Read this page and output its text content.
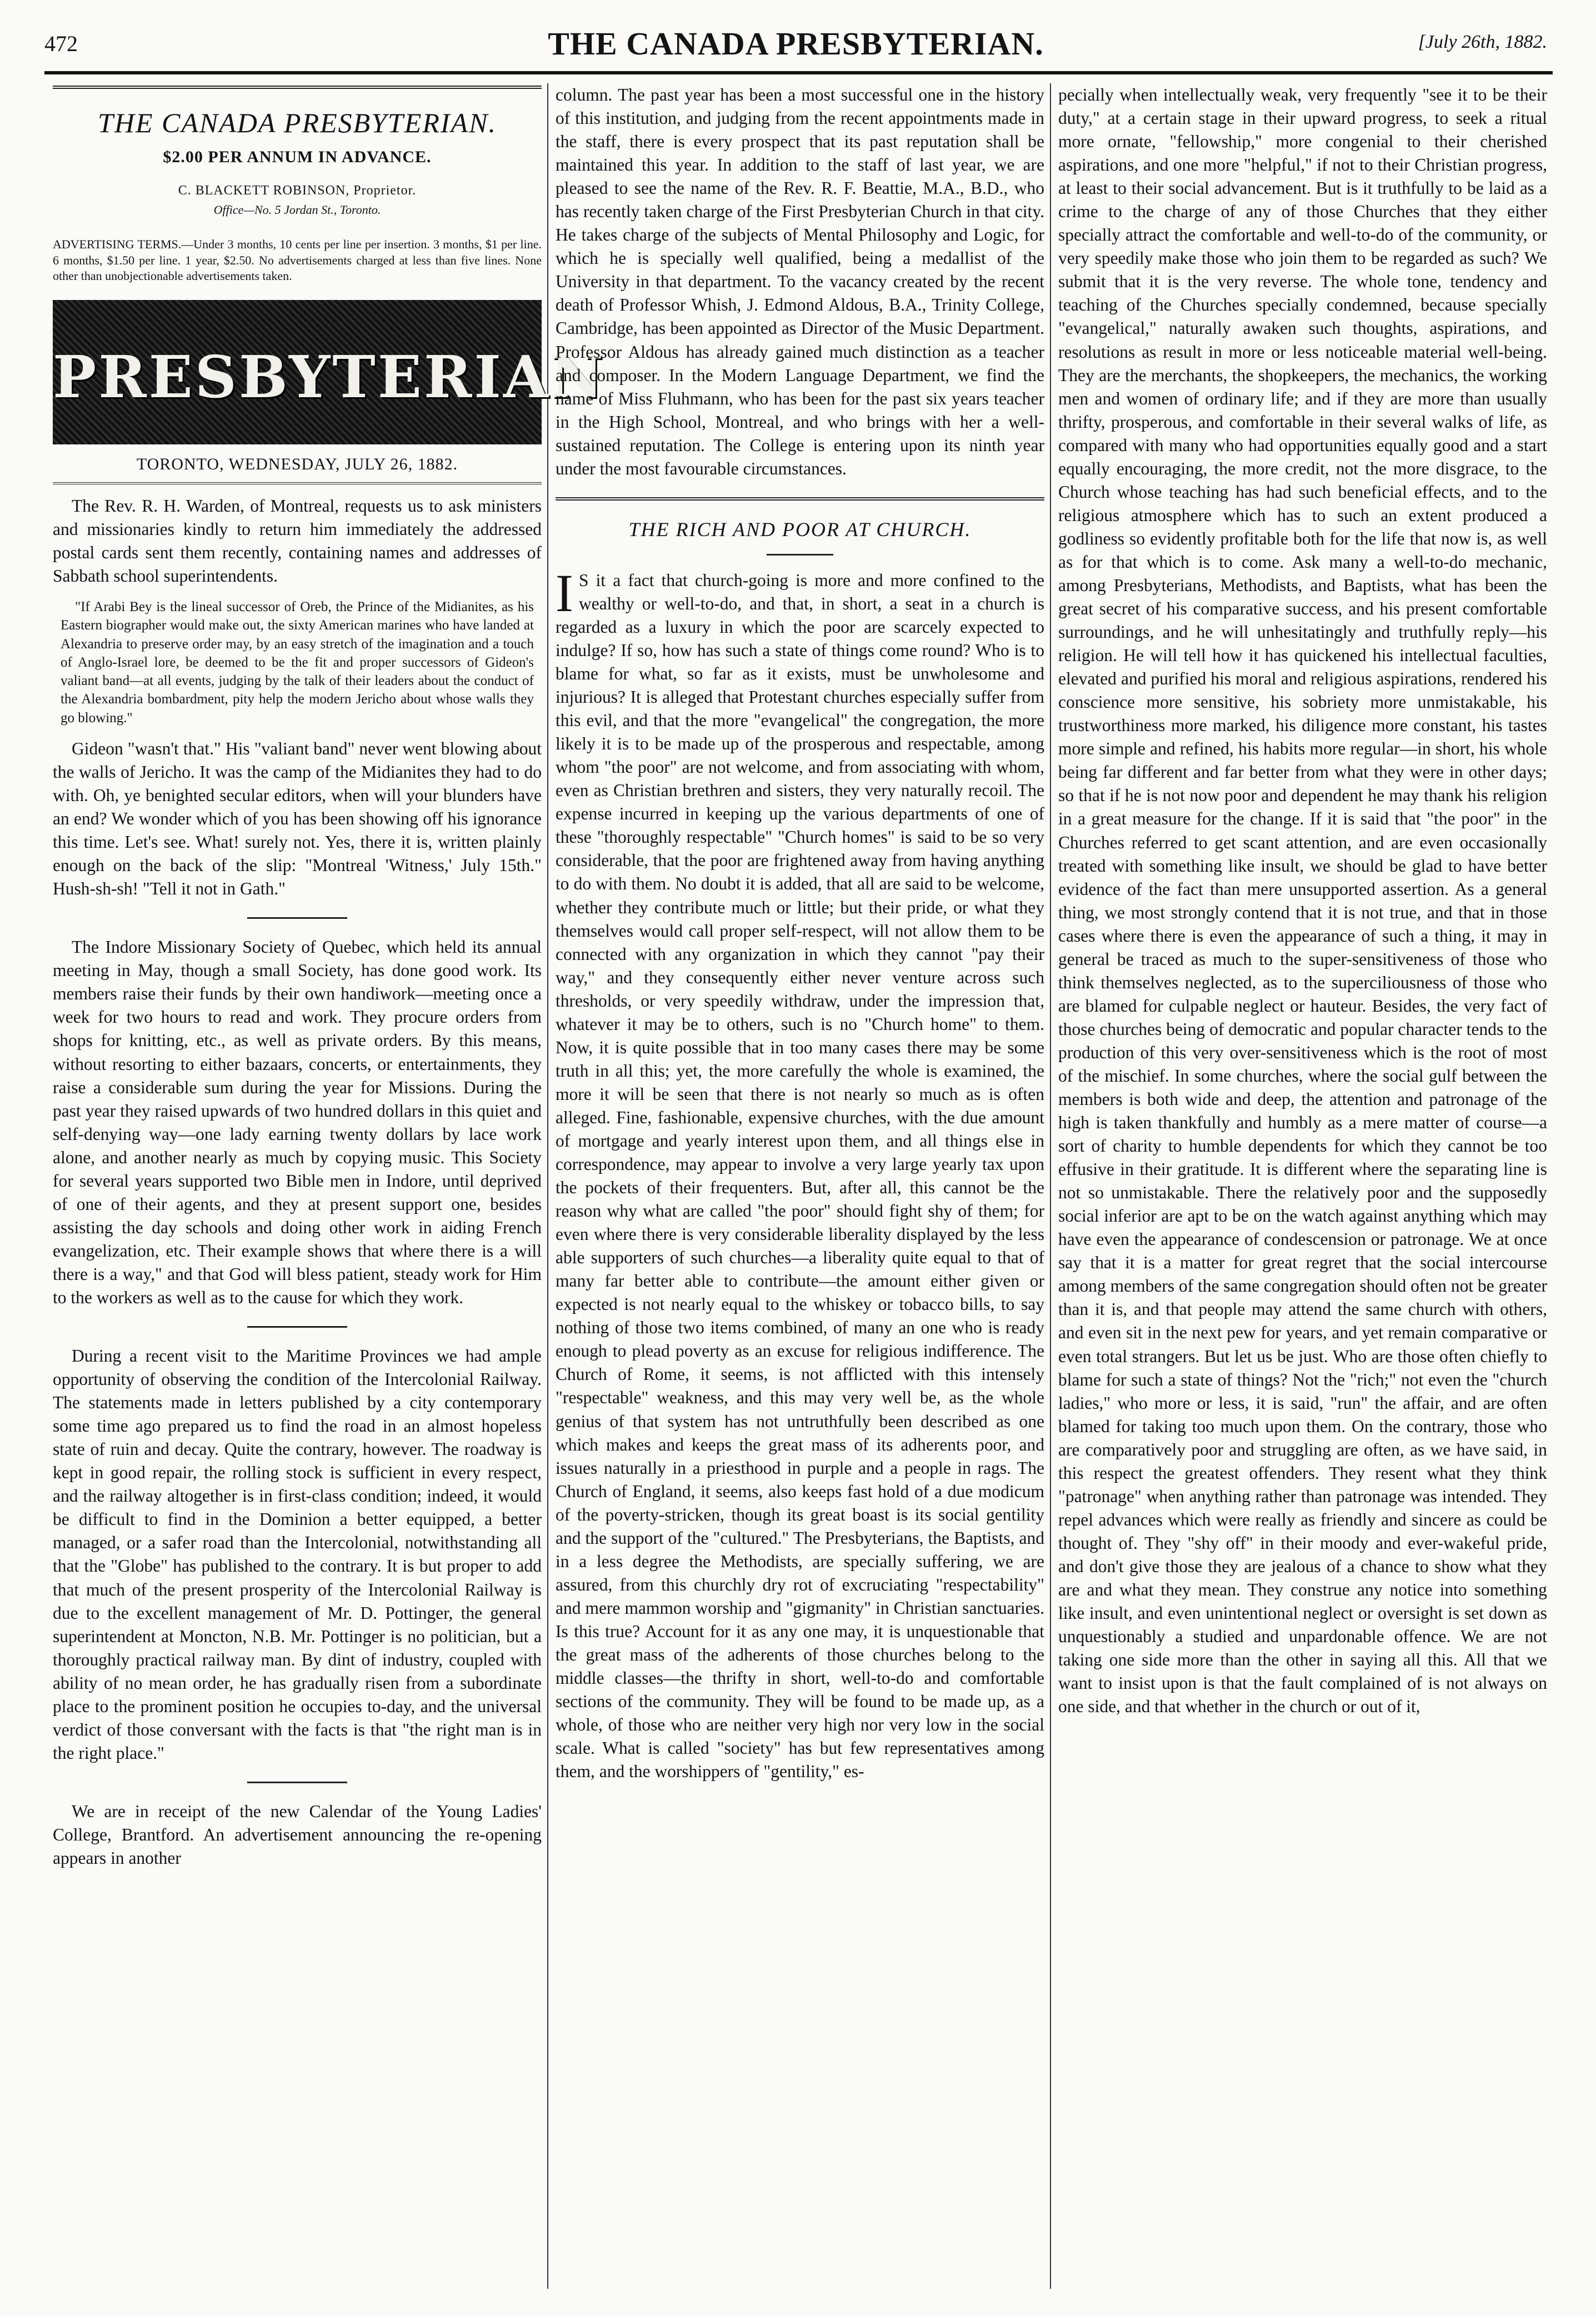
472	THE CANADA PRESBYTERIAN.	[July 26th, 1882.
THE CANADA PRESBYTERIAN.
$2.00 PER ANNUM IN ADVANCE.
C. BLACKETT ROBINSON, Proprietor.
Office—No. 5 Jordan St., Toronto.
ADVERTISING TERMS.—Under 3 months, 10 cents per line per insertion. 3 months, $1 per line. 6 months, $1.50 per line. 1 year, $2.50. No advertisements charged at less than five lines. None other than unobjectionable advertisements taken.
PRESBYTERIAN
TORONTO, WEDNESDAY, JULY 26, 1882.

The Rev. R. H. Warden, of Montreal, requests us to ask ministers and missionaries kindly to return him immediately the addressed postal cards sent them recently, containing names and addresses of Sabbath school superintendents.

"If Arabi Bey is the lineal successor of Oreb, the Prince of the Midianites, as his Eastern biographer would make out, the sixty American marines who have landed at Alexandria to preserve order may, by an easy stretch of the imagination and a touch of Anglo-Israel lore, be deemed to be the fit and proper successors of Gideon's valiant band—at all events, judging by the talk of their leaders about the conduct of the Alexandria bombardment, pity help the modern Jericho about whose walls they go blowing."

Gideon "wasn't that." His "valiant band" never went blowing about the walls of Jericho. It was the camp of the Midianites they had to do with. Oh, ye benighted secular editors, when will your blunders have an end? We wonder which of you has been showing off his ignorance this time. Let's see. What! surely not. Yes, there it is, written plainly enough on the back of the slip: "Montreal 'Witness,' July 15th." Hush-sh-sh! "Tell it not in Gath."

The Indore Missionary Society of Quebec, which held its annual meeting in May, though a small Society, has done good work. Its members raise their funds by their own handiwork—meeting once a week for two hours to read and work. They procure orders from shops for knitting, etc., as well as private orders. By this means, without resorting to either bazaars, concerts, or entertainments, they raise a considerable sum during the year for Missions. During the past year they raised upwards of two hundred dollars in this quiet and self-denying way—one lady earning twenty dollars by lace work alone, and another nearly as much by copying music. This Society for several years supported two Bible men in Indore, until deprived of one of their agents, and they at present support one, besides assisting the day schools and doing other work in aiding French evangelization, etc. Their example shows that where there is a will there is a way," and that God will bless patient, steady work for Him to the workers as well as to the cause for which they work.

During a recent visit to the Maritime Provinces we had ample opportunity of observing the condition of the Intercolonial Railway. The statements made in letters published by a city contemporary some time ago prepared us to find the road in an almost hopeless state of ruin and decay. Quite the contrary, however. The roadway is kept in good repair, the rolling stock is sufficient in every respect, and the railway altogether is in first-class condition; indeed, it would be difficult to find in the Dominion a better equipped, a better managed, or a safer road than the Intercolonial, notwithstanding all that the "Globe" has published to the contrary. It is but proper to add that much of the present prosperity of the Intercolonial Railway is due to the excellent management of Mr. D. Pottinger, the general superintendent at Moncton, N.B. Mr. Pottinger is no politician, but a thoroughly practical railway man. By dint of industry, coupled with ability of no mean order, he has gradually risen from a subordinate place to the prominent position he occupies to-day, and the universal verdict of those conversant with the facts is that "the right man is in the right place."

We are in receipt of the new Calendar of the Young Ladies' College, Brantford. An advertisement announcing the re-opening appears in another

column. The past year has been a most successful one in the history of this institution, and judging from the recent appointments made in the staff, there is every prospect that its past reputation shall be maintained this year. In addition to the staff of last year, we are pleased to see the name of the Rev. R. F. Beattie, M.A., B.D., who has recently taken charge of the First Presbyterian Church in that city. He takes charge of the subjects of Mental Philosophy and Logic, for which he is specially well qualified, being a medallist of the University in that department. To the vacancy created by the recent death of Professor Whish, J. Edmond Aldous, B.A., Trinity College, Cambridge, has been appointed as Director of the Music Department. Professor Aldous has already gained much distinction as a teacher and composer. In the Modern Language Department, we find the name of Miss Fluhmann, who has been for the past six years teacher in the High School, Montreal, and who brings with her a well-sustained reputation. The College is entering upon its ninth year under the most favourable circumstances.

THE RICH AND POOR AT CHURCH.

I S it a fact that church-going is more and more confined to the wealthy or well-to-do, and that, in short, a seat in a church is regarded as a luxury in which the poor are scarcely expected to indulge? If so, how has such a state of things come round? Who is to blame for what, so far as it exists, must be unwholesome and injurious? It is alleged that Protestant churches especially suffer from this evil, and that the more "evangelical" the congregation, the more likely it is to be made up of the prosperous and respectable, among whom "the poor" are not welcome, and from associating with whom, even as Christian brethren and sisters, they very naturally recoil. The expense incurred in keeping up the various departments of one of these "thoroughly respectable" "Church homes" is said to be so very considerable, that the poor are frightened away from having anything to do with them. No doubt it is added, that all are said to be welcome, whether they contribute much or little; but their pride, or what they themselves would call proper self-respect, will not allow them to be connected with any organization in which they cannot "pay their way," and they consequently either never venture across such thresholds, or very speedily withdraw, under the impression that, whatever it may be to others, such is no "Church home" to them. Now, it is quite possible that in too many cases there may be some truth in all this; yet, the more carefully the whole is examined, the more it will be seen that there is not nearly so much as is often alleged. Fine, fashionable, expensive churches, with the due amount of mortgage and yearly interest upon them, and all things else in correspondence, may appear to involve a very large yearly tax upon the pockets of their frequenters. But, after all, this cannot be the reason why what are called "the poor" should fight shy of them; for even where there is very considerable liberality displayed by the less able supporters of such churches—a liberality quite equal to that of many far better able to contribute—the amount either given or expected is not nearly equal to the whiskey or tobacco bills, to say nothing of those two items combined, of many an one who is ready enough to plead poverty as an excuse for religious indifference. The Church of Rome, it seems, is not afflicted with this intensely "respectable" weakness, and this may very well be, as the whole genius of that system has not untruthfully been described as one which makes and keeps the great mass of its adherents poor, and issues naturally in a priesthood in purple and a people in rags. The Church of England, it seems, also keeps fast hold of a due modicum of the poverty-stricken, though its great boast is its social gentility and the support of the "cultured." The Presbyterians, the Baptists, and in a less degree the Methodists, are specially suffering, we are assured, from this churchly dry rot of excruciating "respectability" and mere mammon worship and "gigmanity" in Christian sanctuaries. Is this true? Account for it as any one may, it is unquestionable that the great mass of the adherents of those churches belong to the middle classes—the thrifty in short, well-to-do and comfortable sections of the community. They will be found to be made up, as a whole, of those who are neither very high nor very low in the social scale. What is called "society" has but few representatives among them, and the worshippers of "gentility," es-

pecially when intellectually weak, very frequently "see it to be their duty," at a certain stage in their upward progress, to seek a ritual more ornate, "fellowship," more congenial to their cherished aspirations, and one more "helpful," if not to their Christian progress, at least to their social advancement. But is it truthfully to be laid as a crime to the charge of any of those Churches that they either specially attract the comfortable and well-to-do of the community, or very speedily make those who join them to be regarded as such? We submit that it is the very reverse. The whole tone, tendency and teaching of the Churches specially condemned, because specially "evangelical," naturally awaken such thoughts, aspirations, and resolutions as result in more or less noticeable material well-being. They are the merchants, the shopkeepers, the mechanics, the working men and women of ordinary life; and if they are more than usually thrifty, prosperous, and comfortable in their several walks of life, as compared with many who had opportunities equally good and a start equally encouraging, the more credit, not the more disgrace, to the Church whose teaching has had such beneficial effects, and to the religious atmosphere which has to such an extent produced a godliness so evidently profitable both for the life that now is, as well as for that which is to come. Ask many a well-to-do mechanic, among Presbyterians, Methodists, and Baptists, what has been the great secret of his comparative success, and his present comfortable surroundings, and he will unhesitatingly and truthfully reply—his religion. He will tell how it has quickened his intellectual faculties, elevated and purified his moral and religious aspirations, rendered his conscience more sensitive, his sobriety more unmistakable, his trustworthiness more marked, his diligence more constant, his tastes more simple and refined, his habits more regular—in short, his whole being far different and far better from what they were in other days; so that if he is not now poor and dependent he may thank his religion in a great measure for the change. If it is said that "the poor" in the Churches referred to get scant attention, and are even occasionally treated with something like insult, we should be glad to have better evidence of the fact than mere unsupported assertion. As a general thing, we most strongly contend that it is not true, and that in those cases where there is even the appearance of such a thing, it may in general be traced as much to the super-sensitiveness of those who think themselves neglected, as to the superciliousness of those who are blamed for culpable neglect or hauteur. Besides, the very fact of those churches being of democratic and popular character tends to the production of this very over-sensitiveness which is the root of most of the mischief. In some churches, where the social gulf between the members is both wide and deep, the attention and patronage of the high is taken thankfully and humbly as a mere matter of course—a sort of charity to humble dependents for which they cannot be too effusive in their gratitude. It is different where the separating line is not so unmistakable. There the relatively poor and the supposedly social inferior are apt to be on the watch against anything which may have even the appearance of condescension or patronage. We at once say that it is a matter for great regret that the social intercourse among members of the same congregation should often not be greater than it is, and that people may attend the same church with others, and even sit in the next pew for years, and yet remain comparative or even total strangers. But let us be just. Who are those often chiefly to blame for such a state of things? Not the "rich;" not even the "church ladies," who more or less, it is said, "run" the affair, and are often blamed for taking too much upon them. On the contrary, those who are comparatively poor and struggling are often, as we have said, in this respect the greatest offenders. They resent what they think "patronage" when anything rather than patronage was intended. They repel advances which were really as friendly and sincere as could be thought of. They "shy off" in their moody and ever-wakeful pride, and don't give those they are jealous of a chance to show what they are and what they mean. They construe any notice into something like insult, and even unintentional neglect or oversight is set down as unquestionably a studied and unpardonable offence. We are not taking one side more than the other in saying all this. All that we want to insist upon is that the fault complained of is not always on one side, and that whether in the church or out of it,
